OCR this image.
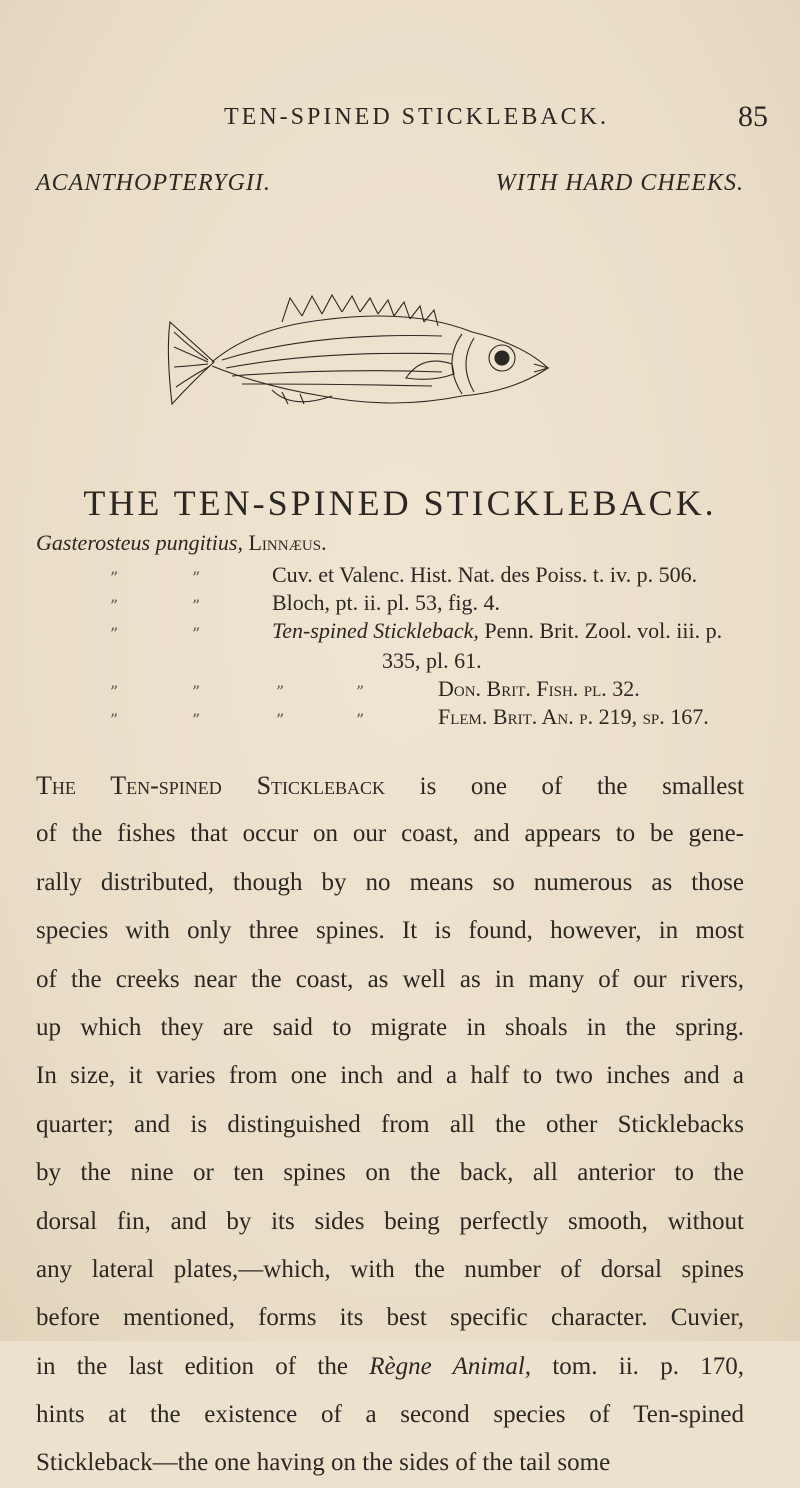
TEN-SPINED STICKLEBACK.	85
ACANTHOPTERYGII.	WITH HARD CHEEKS.
THE TEN-SPINED STICKLEBACK.
Gasterosteus pungitius, Linnæus.
”	”	Cuv. et Valenc. Hist. Nat. des Poiss. t. iv. p. 506.
”	”	Bloch, pt. ii. pl. 53, fig. 4.
”	”	Ten-spined Stickleback, Penn. Brit. Zool. vol. iii. p.
335, pl. 61.
”	”	”	”	Don. Brit. Fish. pl. 32.
”	”	”	”	Flem. Brit. An. p. 219, sp. 167.
The Ten-spined Stickleback is one of the smallest
of the fishes that occur on our coast, and appears to be gene-
rally distributed, though by no means so numerous as those
species with only three spines. It is found, however, in most
of the creeks near the coast, as well as in many of our rivers,
up which they are said to migrate in shoals in the spring.
In size, it varies from one inch and a half to two inches and a
quarter; and is distinguished from all the other Sticklebacks
by the nine or ten spines on the back, all anterior to the
dorsal fin, and by its sides being perfectly smooth, without
any lateral plates,—which, with the number of dorsal spines
before mentioned, forms its best specific character. Cuvier,
in the last edition of the Règne Animal, tom. ii. p. 170,
hints at the existence of a second species of Ten-spined
Stickleback—the one having on the sides of the tail some
